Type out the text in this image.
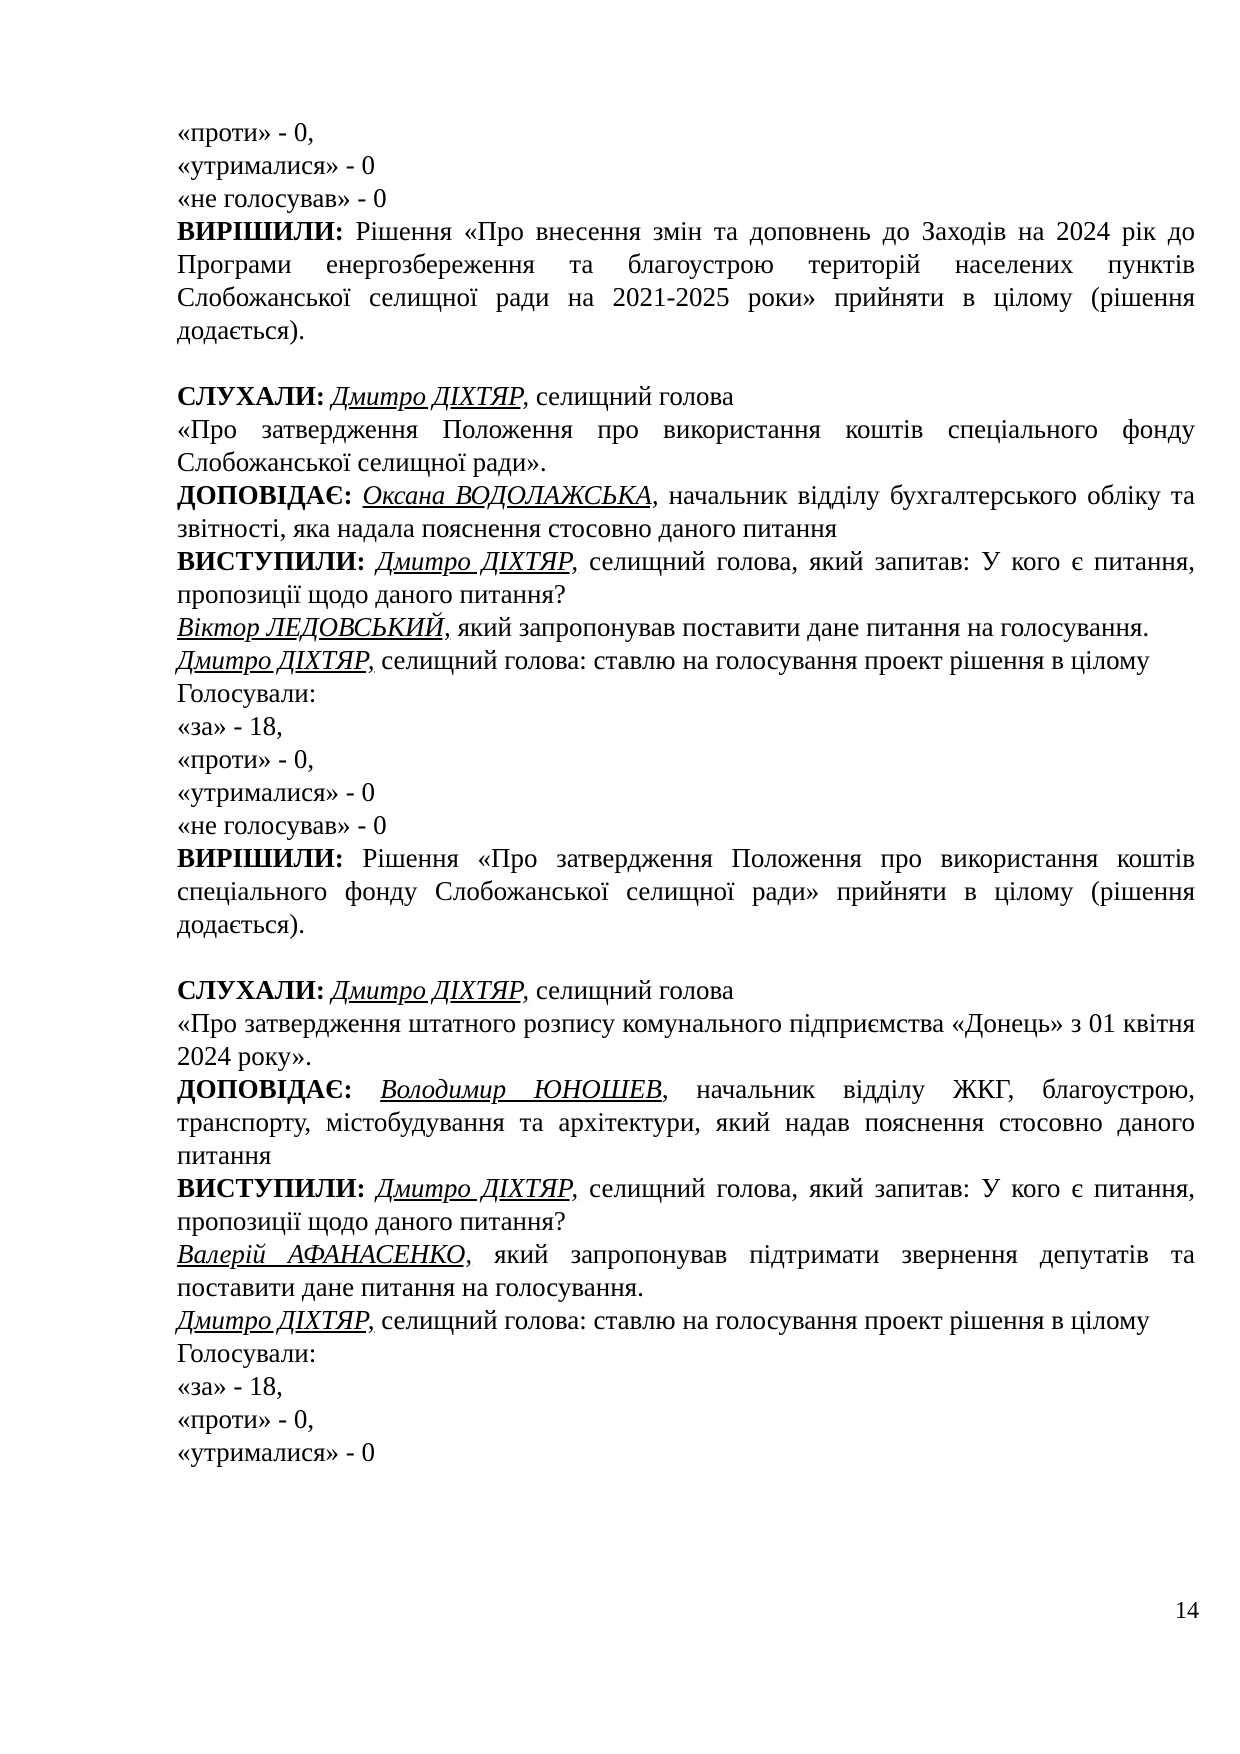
«проти» - 0,
«утрималися» - 0
«не голосував» - 0
ВИРІШИЛИ: Рішення «Про внесення змін та доповнень до Заходів на 2024 рік до Програми енергозбереження та благоустрою територій населених пунктів Слобожанської селищної ради на 2021-2025 роки» прийняти в цілому (рішення додається).
СЛУХАЛИ: Дмитро ДІХТЯР, селищний голова
«Про затвердження Положення про використання коштів спеціального фонду Слобожанської селищної ради».
ДОПОВІДАЄ: Оксана ВОДОЛАЖСЬКА, начальник відділу бухгалтерського обліку та звітності, яка надала пояснення стосовно даного питання
ВИСТУПИЛИ: Дмитро ДІХТЯР, селищний голова, який запитав: У кого є питання, пропозиції щодо даного питання?
Віктор ЛЕДОВСЬКИЙ, який запропонував поставити дане питання на голосування.
Дмитро ДІХТЯР, селищний голова: ставлю на голосування проект рішення в цілому
Голосували:
«за» - 18,
«проти» - 0,
«утрималися» - 0
«не голосував» - 0
ВИРІШИЛИ: Рішення «Про затвердження Положення про використання коштів спеціального фонду Слобожанської селищної ради» прийняти в цілому (рішення додається).
СЛУХАЛИ: Дмитро ДІХТЯР, селищний голова
«Про затвердження штатного розпису комунального підприємства «Донець» з 01 квітня 2024 року».
ДОПОВІДАЄ: Володимир ЮНОШЕВ, начальник відділу ЖКГ, благоустрою, транспорту, містобудування та архітектури, який надав пояснення стосовно даного питання
ВИСТУПИЛИ: Дмитро ДІХТЯР, селищний голова, який запитав: У кого є питання, пропозиції щодо даного питання?
Валерій АФАНАСЕНКО, який запропонував підтримати звернення депутатів та поставити дане питання на голосування.
Дмитро ДІХТЯР, селищний голова: ставлю на голосування проект рішення в цілому
Голосували:
«за» - 18,
«проти» - 0,
«утрималися» - 0
14
